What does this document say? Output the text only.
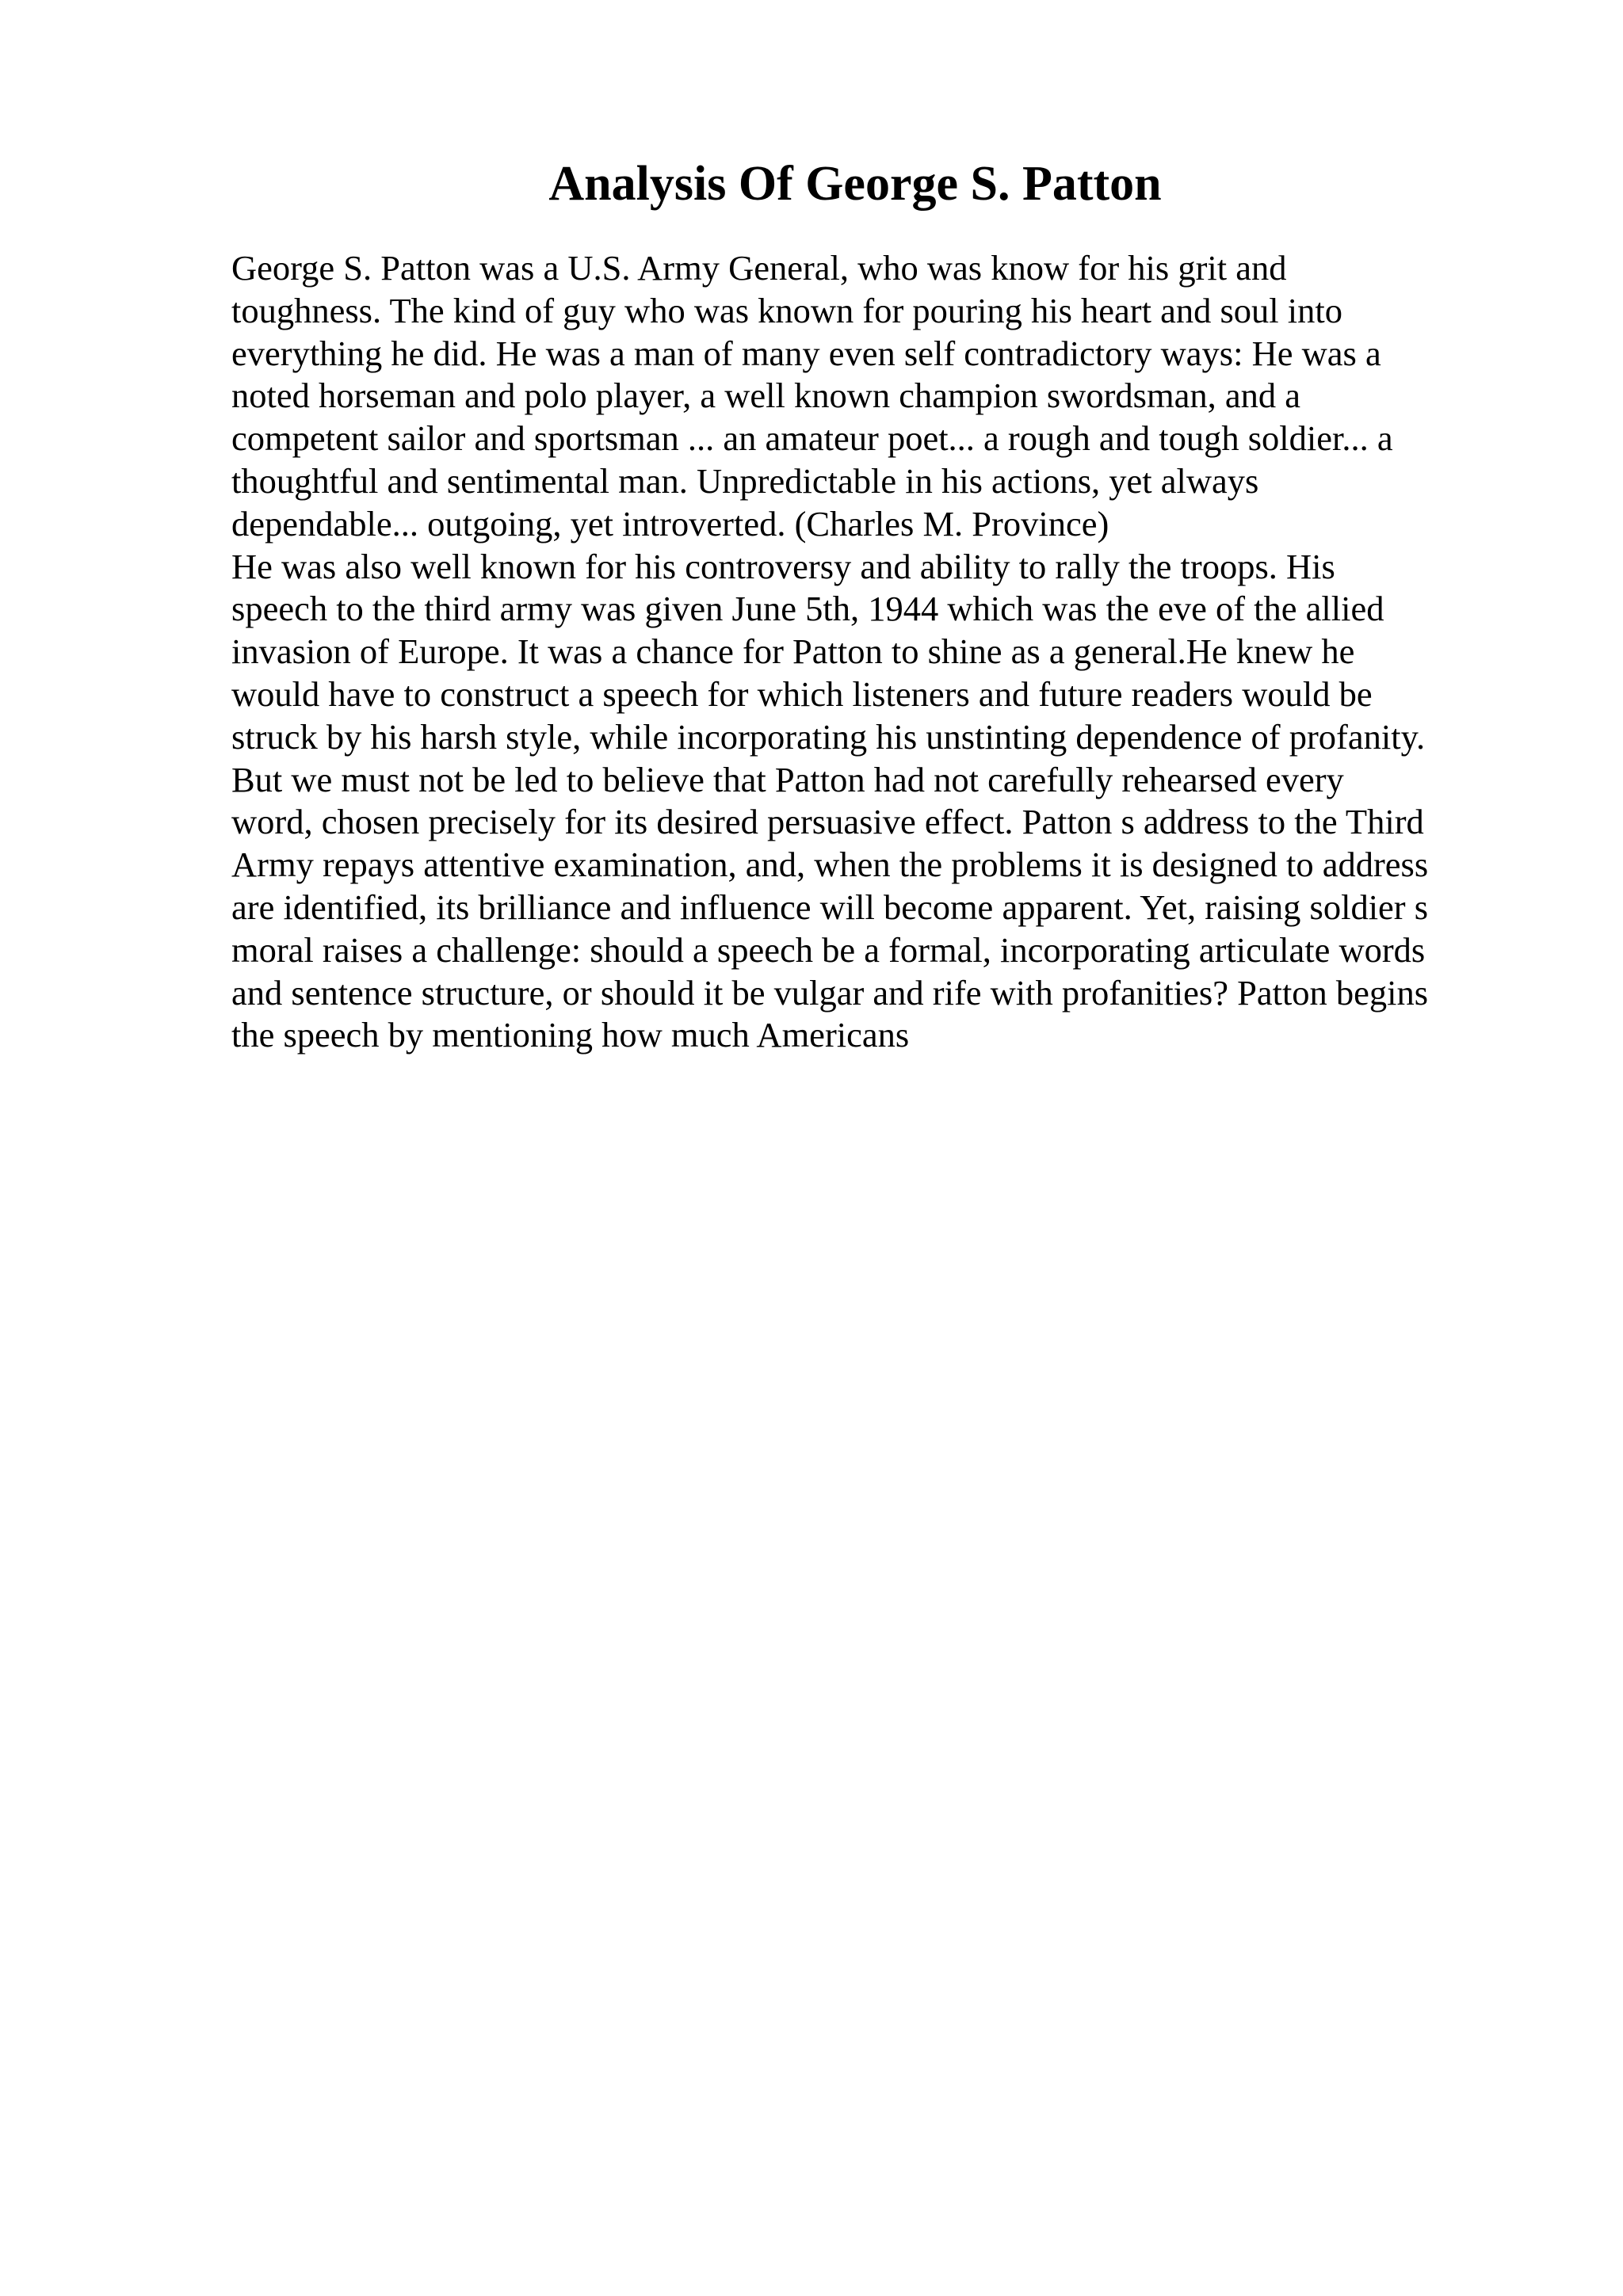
Analysis Of George S. Patton
George S. Patton was a U.S. Army General, who was know for his grit and
toughness. The kind of guy who was known for pouring his heart and soul into
everything he did. He was a man of many even self contradictory ways: He was a
noted horseman and polo player, a well known champion swordsman, and a
competent sailor and sportsman ... an amateur poet... a rough and tough soldier... a
thoughtful and sentimental man. Unpredictable in his actions, yet always
dependable... outgoing, yet introverted. (Charles M. Province)
He was also well known for his controversy and ability to rally the troops. His
speech to the third army was given June 5th, 1944 which was the eve of the allied
invasion of Europe. It was a chance for Patton to shine as a general.He knew he
would have to construct a speech for which listeners and future readers would be
struck by his harsh style, while incorporating his unstinting dependence of profanity.
But we must not be led to believe that Patton had not carefully rehearsed every
word, chosen precisely for its desired persuasive effect. Patton s address to the Third
Army repays attentive examination, and, when the problems it is designed to address
are identified, its brilliance and influence will become apparent. Yet, raising soldier s
moral raises a challenge: should a speech be a formal, incorporating articulate words
and sentence structure, or should it be vulgar and rife with profanities? Patton begins
the speech by mentioning how much Americans
